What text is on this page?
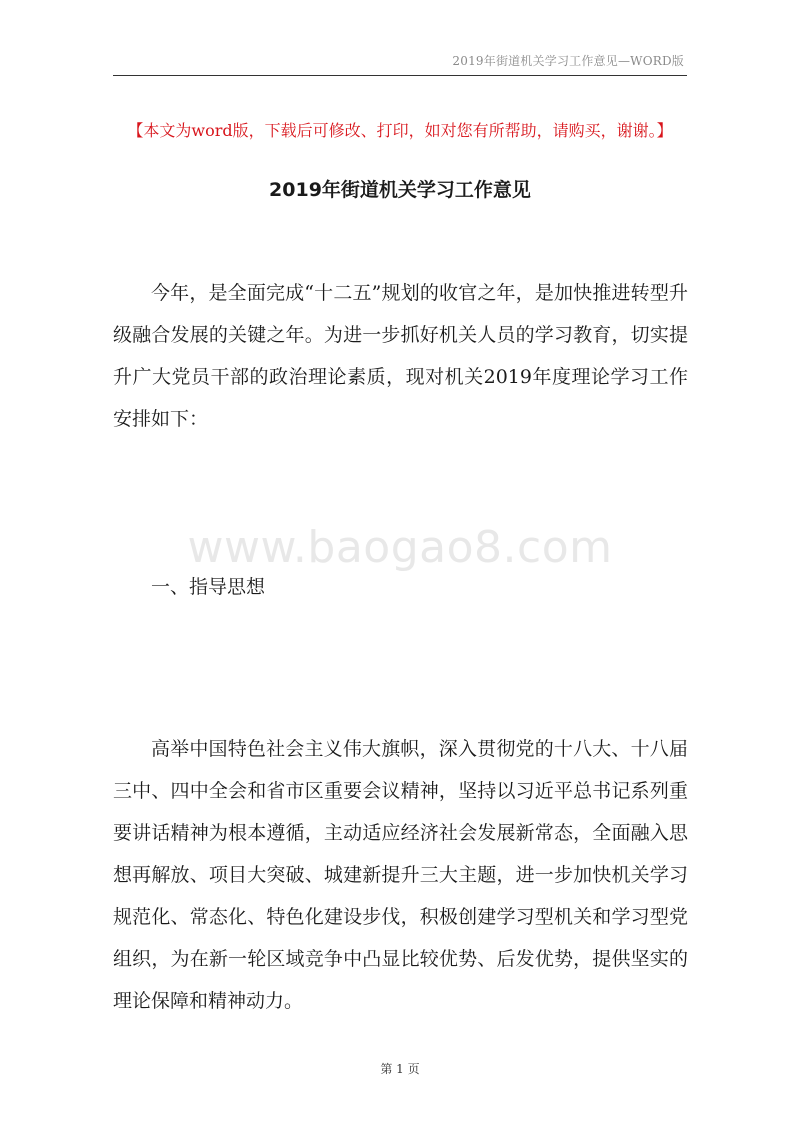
2019年街道机关学习工作意见—WORD版
【本文为word版，下载后可修改、打印，如对您有所帮助，请购买，谢谢。】
2019年街道机关学习工作意见

今年，是全面完成“十二五”规划的收官之年，是加快推进转型升级融合发展的关键之年。为进一步抓好机关人员的学习教育，切实提升广大党员干部的政治理论素质，现对机关2019年度理论学习工作安排如下：

www.baogao8.com

一、指导思想

高举中国特色社会主义伟大旗帜，深入贯彻党的十八大、十八届三中、四中全会和省市区重要会议精神，坚持以习近平总书记系列重要讲话精神为根本遵循，主动适应经济社会发展新常态，全面融入思想再解放、项目大突破、城建新提升三大主题，进一步加快机关学习规范化、常态化、特色化建设步伐，积极创建学习型机关和学习型党组织，为在新一轮区域竞争中凸显比较优势、后发优势，提供坚实的理论保障和精神动力。

第 1 页
